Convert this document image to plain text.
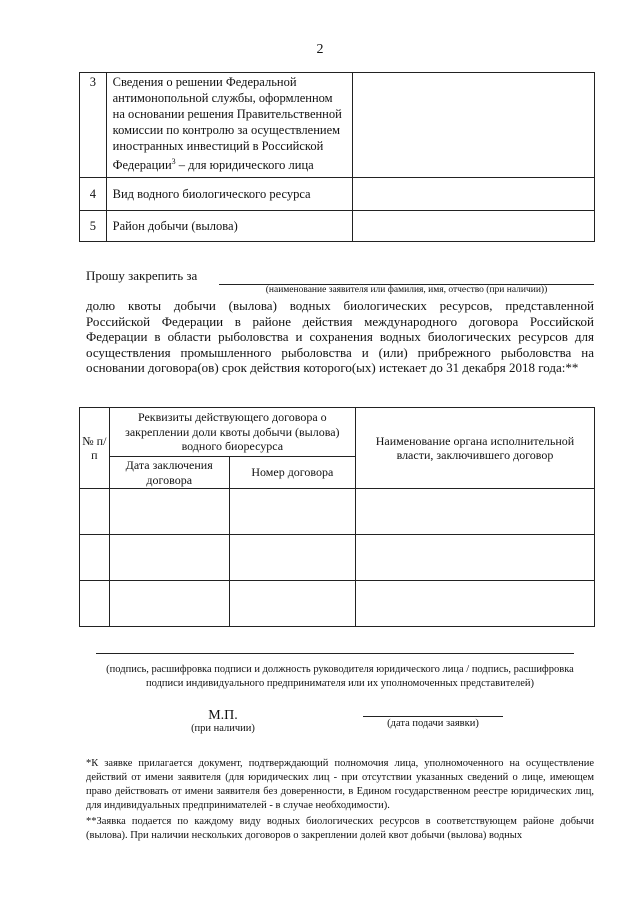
2
3	Сведения о решении Федеральной антимонопольной службы, оформленном на основании решения Правительственной комиссии по контролю за осуществлением иностранных инвестиций в Российской Федерации$^3$ – для юридического лица	
4	Вид водного биологического ресурса	
5	Район добычи (вылова)	
Прошу закрепить за
(наименование заявителя или фамилия, имя, отчество (при наличии))
долю квоты добычи (вылова) водных биологических ресурсов, представленной Российской Федерации в районе действия международного договора Российской Федерации в области рыболовства и сохранения водных биологических ресурсов для осуществления промышленного рыболовства и (или) прибрежного рыболовства на основании договора(ов) срок действия которого(ых) истекает до 31 декабря 2018 года:**
№ п/п	Реквизиты действующего договора о закреплении доли квоты добычи (вылова) водного биоресурса		Наименование органа исполнительной власти, заключившего договор
	Дата заключения договора	Номер договора	

(подпись, расшифровка подписи и должность руководителя юридического лица / подпись, расшифровка подписи индивидуального предпринимателя или их уполномоченных представителей)
М.П.
(при наличии)	(дата подачи заявки)
*К заявке прилагается документ, подтверждающий полномочия лица, уполномоченного на осуществление действий от имени заявителя (для юридических лиц - при отсутствии указанных сведений о лице, имеющем право действовать от имени заявителя без доверенности, в Едином государственном реестре юридических лиц, для индивидуальных предпринимателей - в случае необходимости).
**Заявка подается по каждому виду водных биологических ресурсов в соответствующем районе добычи (вылова). При наличии нескольких договоров о закреплении долей квот добычи (вылова) водных
